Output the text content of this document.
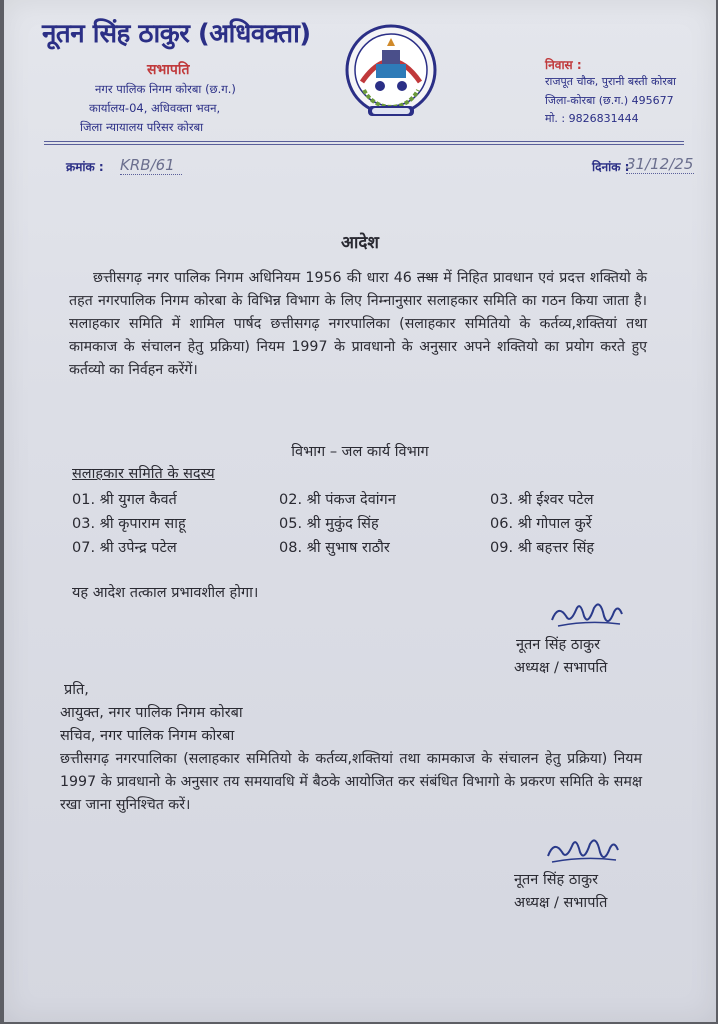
नूतन सिंह ठाकुर (अधिवक्ता)
सभापति
नगर पालिक निगम कोरबा (छ.ग.)
कार्यालय-04, अधिवक्ता भवन,
जिला न्यायालय परिसर कोरबा
निवास :
राजपूत चौक, पुरानी बस्ती कोरबा
जिला-कोरबा (छ.ग.) 495677
मो. : 9826831444
क्रमांक : KRB/61	दिनांक :
31/12/25
आदेश
छत्तीसगढ़ नगर पालिक निगम अधिनियम 1956 की धारा 46 तथा में निहित प्रावधान एवं प्रदत्त शक्तियो के तहत नगरपालिक निगम कोरबा के विभिन्न विभाग के लिए निम्नानुसार सलाहकार समिति का गठन किया जाता है। सलाहकार समिति में शामिल पार्षद छत्तीसगढ़ नगरपालिका (सलाहकार समितियो के कर्तव्य,शक्तियां तथा कामकाज के संचालन हेतु प्रक्रिया) नियम 1997 के प्रावधानो के अनुसार अपने शक्तियो का प्रयोग करते हुए कर्तव्यो का निर्वहन करेंगें।
विभाग – जल कार्य विभाग
सलाहकार समिति के सदस्य
01. श्री युगल कैवर्त	02. श्री पंकज देवांगन	03. श्री ईश्वर पटेल
03. श्री कृपाराम साहू	05. श्री मुकुंद सिंह	06. श्री गोपाल कुर्रे
07. श्री उपेन्द्र पटेल	08. श्री सुभाष राठौर	09. श्री बहत्तर सिंह
यह आदेश तत्काल प्रभावशील होगा।
नूतन सिंह ठाकुर
अध्यक्ष / सभापति
प्रति,
आयुक्त, नगर पालिक निगम कोरबा
सचिव, नगर पालिक निगम कोरबा
छत्तीसगढ़ नगरपालिका (सलाहकार समितियो के कर्तव्य,शक्तियां तथा कामकाज के संचालन हेतु प्रक्रिया) नियम 1997 के प्रावधानो के अनुसार तय समयावधि में बैठके आयोजित कर संबंधित विभागो के प्रकरण समिति के समक्ष रखा जाना सुनिश्चित करें।
नूतन सिंह ठाकुर
अध्यक्ष / सभापति
